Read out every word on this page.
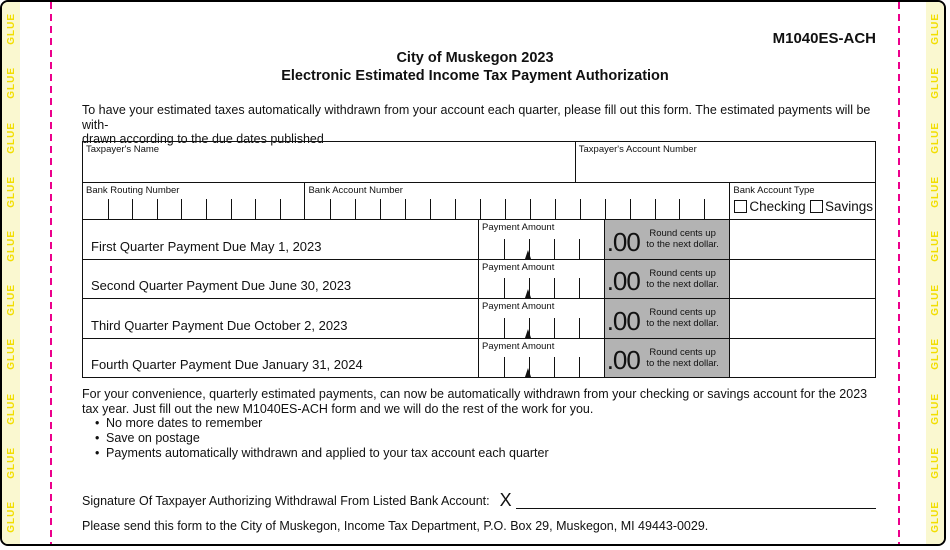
GLUE
GLUE
GLUE
GLUE
GLUE
GLUE
GLUE
GLUE
GLUE
GLUE
GLUE
GLUE
GLUE
GLUE
GLUE
GLUE
GLUE
GLUE
GLUE
GLUE
M1040ES-ACH
City of Muskegon 2023
Electronic Estimated Income Tax Payment Authorization
To have your estimated taxes automatically withdrawn from your account each quarter, please fill out this form. The estimated payments will be with-
drawn according to the due dates published
Taxpayer's Name	Taxpayer's Account Number
Bank Routing Number	Bank Account Number	Bank Account Type
Checking Savings
First Quarter Payment Due May 1, 2023
Payment Amount .00 Round cents up
to the next dollar.
Second Quarter Payment Due June 30, 2023
Payment Amount .00 Round cents up
to the next dollar.
Third Quarter Payment Due October 2, 2023
Payment Amount .00 Round cents up
to the next dollar.
Fourth Quarter Payment Due January 31, 2024
Payment Amount .00 Round cents up
to the next dollar.
For your convenience, quarterly estimated payments, can now be automatically withdrawn from your checking or savings account for the 2023 tax year. Just fill out the new M1040ES-ACH form and we will do the rest of the work for you.
• No more dates to remember
• Save on postage
• Payments automatically withdrawn and applied to your tax account each quarter
Signature Of Taxpayer Authorizing Withdrawal From Listed Bank Account: X
Please send this form to the City of Muskegon, Income Tax Department, P.O. Box 29, Muskegon, MI 49443-0029.
